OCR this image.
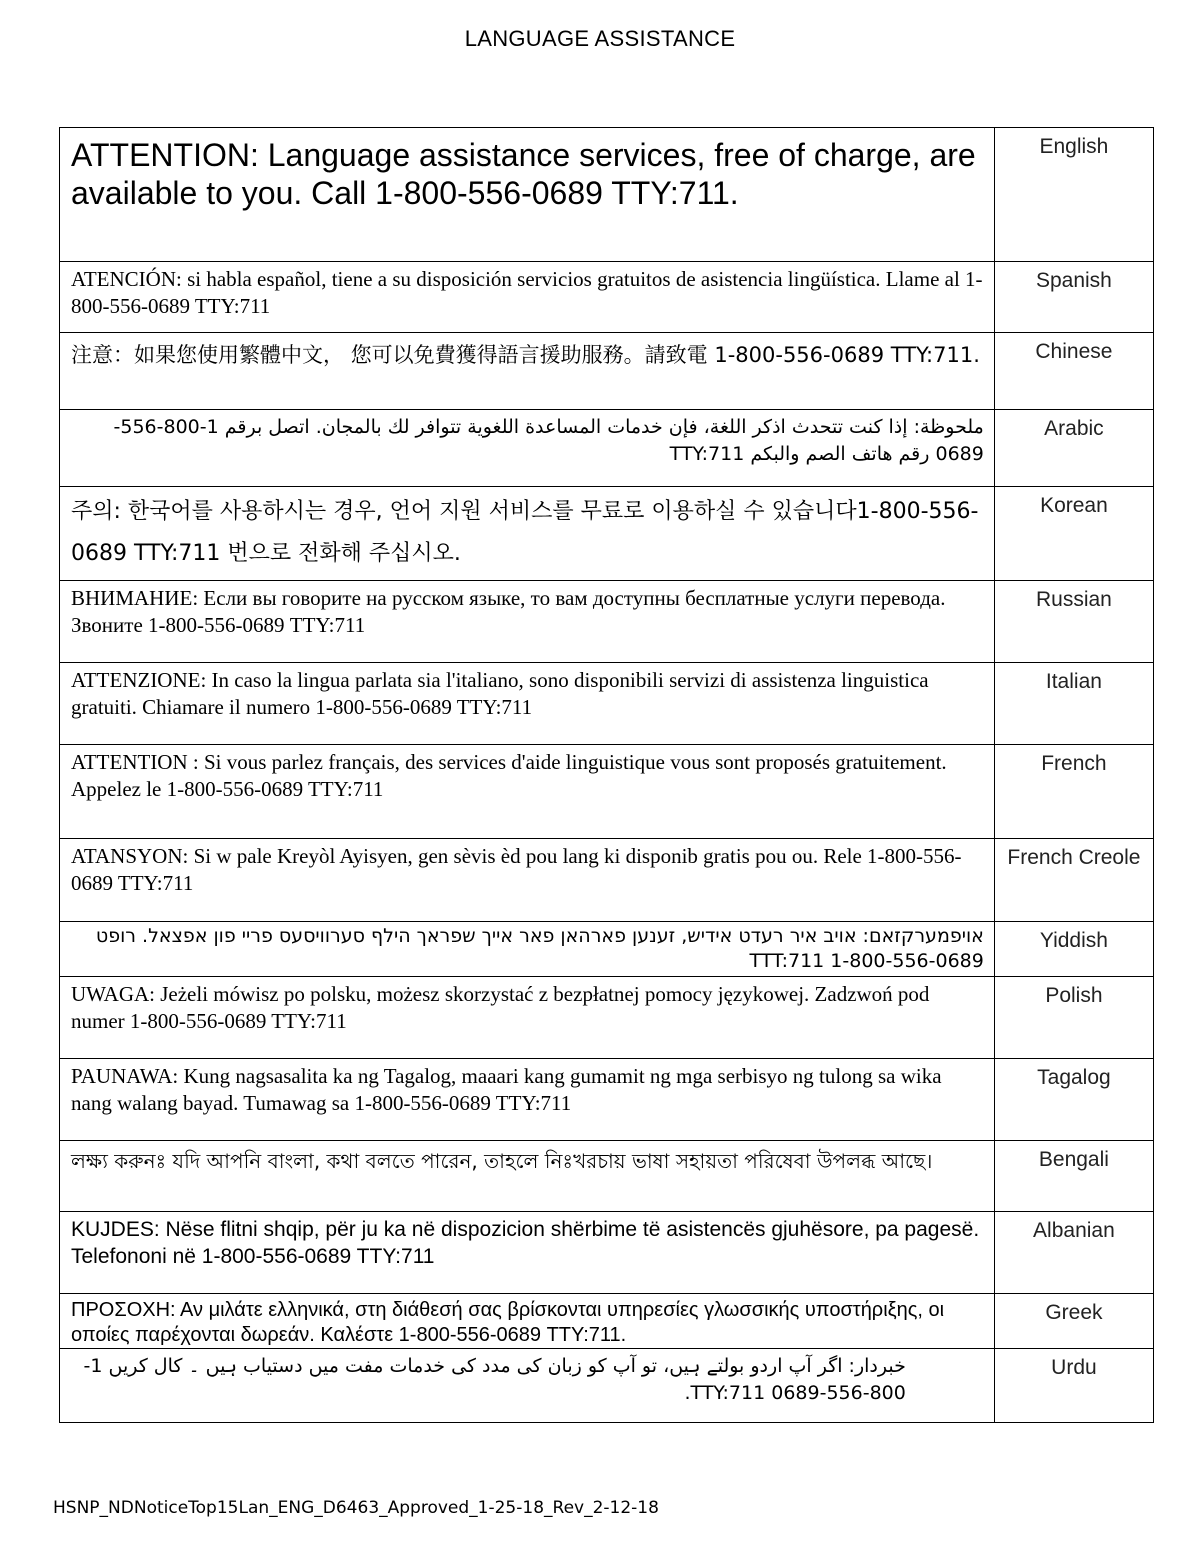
LANGUAGE ASSISTANCE
ATTENTION: Language assistance services, free of charge, are available to you. Call 1-800-556-0689 TTY:711.	English

ATENCIÓN: si habla español, tiene a su disposición servicios gratuitos de asistencia lingüística. Llame al 1-800-556-0689 TTY:711	Spanish

注意：如果您使用繁體中文， 您可以免費獲得語言援助服務。請致電 1-800-556-0689 TTY:711.	Chinese

ملحوظة: إذا كنت تتحدث اذكر اللغة، فإن خدمات المساعدة اللغوية تتوافر لك بالمجان. اتصل برقم 1-800-556-0689 رقم هاتف الصم والبكم TTY:711	Arabic

주의: 한국어를 사용하시는 경우, 언어 지원 서비스를 무료로 이용하실 수 있습니다1-800-556-0689 TTY:711 번으로 전화해 주십시오.	Korean

ВНИМАНИЕ: Если вы говорите на русском языке, то вам доступны бесплатные услуги перевода. Звоните 1-800-556-0689 TTY:711	Russian

ATTENZIONE: In caso la lingua parlata sia l'italiano, sono disponibili servizi di assistenza linguistica gratuiti. Chiamare il numero 1-800-556-0689 TTY:711	Italian

ATTENTION : Si vous parlez français, des services d'aide linguistique vous sont proposés gratuitement. Appelez le 1-800-556-0689 TTY:711	French

ATANSYON: Si w pale Kreyòl Ayisyen, gen sèvis èd pou lang ki disponib gratis pou ou. Rele 1-800-556-0689 TTY:711	French Creole

אויפמערקזאם: אויב איר רעדט אידיש, זענען פארהאן פאר אייך שפראך הילף סערוויסעס פריי פון אפצאל. רופט 1-800-556-0689 TTT:711	Yiddish

UWAGA: Jeżeli mówisz po polsku, możesz skorzystać z bezpłatnej pomocy językowej. Zadzwoń pod numer 1-800-556-0689 TTY:711	Polish

PAUNAWA: Kung nagsasalita ka ng Tagalog, maaari kang gumamit ng mga serbisyo ng tulong sa wika nang walang bayad. Tumawag sa 1-800-556-0689 TTY:711	Tagalog

লক্ষ্য করুনঃ যদি আপনি বাংলা, কথা বলতে পারেন, তাহলে নিঃখরচায় ভাষা সহায়তা পরিষেবা উপলব্ধ আছে।	Bengali

KUJDES: Nëse flitni shqip, për ju ka në dispozicion shërbime të asistencës gjuhësore, pa pagesë. Telefononi në 1-800-556-0689 TTY:711	Albanian

ΠΡΟΣΟΧΗ: Αν μιλάτε ελληνικά, στη διάθεσή σας βρίσκονται υπηρεσίες γλωσσικής υποστήριξης, οι οποίες παρέχονται δωρεάν. Καλέστε 1-800-556-0689 TTY:711.	Greek

خبردار: اگر آپ اردو بولتے ہیں، تو آپ کو زبان کی مدد کی خدمات مفت میں دستیاب ہیں ۔ کال کریں 1-800-556-0689 TTY:711.	Urdu
HSNP_NDNoticeTop15Lan_ENG_D6463_Approved_1-25-18_Rev_2-12-18
